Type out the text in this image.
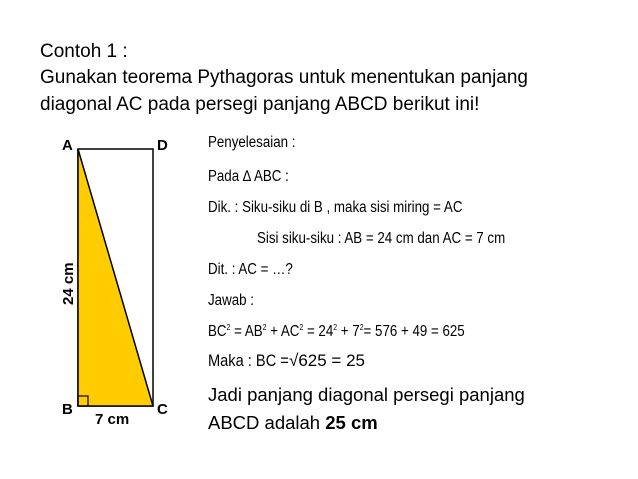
Contoh 1 :
Gunakan teorema Pythagoras untuk menentukan panjang
diagonal AC pada persegi panjang ABCD berikut ini!
A	D
B	C
7 cm
24 cm
Penyelesaian :
Pada ∆ ABC :
Dik. : Siku-siku di B , maka sisi miring = AC
Sisi siku-siku : AB = 24 cm dan AC = 7 cm
Dit. : AC = …?
Jawab :
$BC^2 = AB^2 + AC^2 = 24^2 + 7^2= 576 + 49 = 625$
Maka : BC =√625 = 25
Jadi panjang diagonal persegi panjang
ABCD adalah 25 cm
